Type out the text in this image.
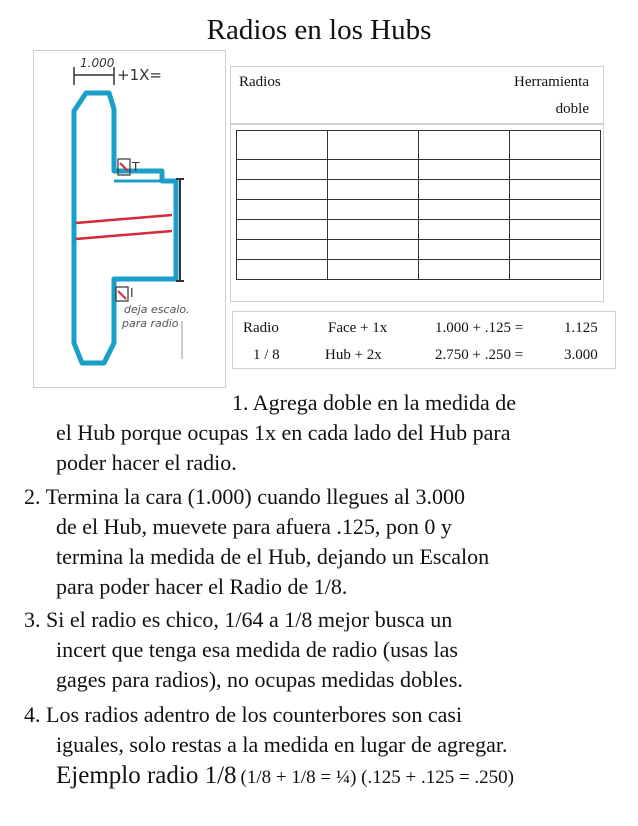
Radios en los Hubs
1.000
+1X=
T
I
deja escalo.
para radio
Radios	Herramienta
doble

Radio	Face + 1x	1.000 + .125 =	1.125
1 / 8	Hub + 2x	2.750 + .250 =	3.000
1. Agrega doble en la medida de
el Hub porque ocupas 1x en cada lado del Hub para
poder hacer el radio.
2. Termina la cara (1.000) cuando llegues al 3.000
de el Hub, muevete para afuera .125, pon 0 y
termina la medida de el Hub, dejando un Escalon
para poder hacer el Radio de 1/8.
3. Si el radio es chico, 1/64 a 1/8 mejor busca un
incert que tenga esa medida de radio (usas las
gages para radios), no ocupas medidas dobles.
4. Los radios adentro de los counterbores son casi
iguales, solo restas a la medida en lugar de agregar.
Ejemplo radio 1/8 (1/8 + 1/8 = ¼) (.125 + .125 = .250)
